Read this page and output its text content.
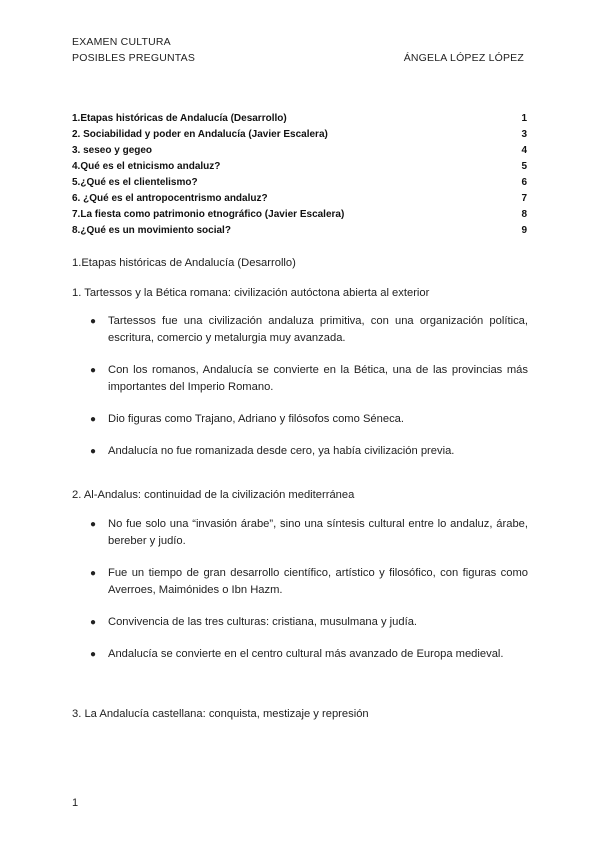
EXAMEN CULTURA
POSIBLES PREGUNTAS	ÁNGELA LÓPEZ LÓPEZ
1.Etapas históricas de Andalucía (Desarrollo)	1
2. Sociabilidad y poder en Andalucía (Javier Escalera)	3
3. seseo y gegeo	4
4.Qué es el etnicismo andaluz?	5
5.¿Qué es el clientelismo?	6
6. ¿Qué es el antropocentrismo andaluz?	7
7.La fiesta como patrimonio etnográfico (Javier Escalera)	8
8.¿Qué es un movimiento social?	9
1.Etapas históricas de Andalucía (Desarrollo)
1. Tartessos y la Bética romana: civilización autóctona abierta al exterior
● Tartessos fue una civilización andaluza primitiva, con una organización política, escritura, comercio y metalurgia muy avanzada.
● Con los romanos, Andalucía se convierte en la Bética, una de las provincias más importantes del Imperio Romano.
● Dio figuras como Trajano, Adriano y filósofos como Séneca.
● Andalucía no fue romanizada desde cero, ya había civilización previa.
2. Al-Andalus: continuidad de la civilización mediterránea
● No fue solo una “invasión árabe”, sino una síntesis cultural entre lo andaluz, árabe, bereber y judío.
● Fue un tiempo de gran desarrollo científico, artístico y filosófico, con figuras como Averroes, Maimónides o Ibn Hazm.
● Convivencia de las tres culturas: cristiana, musulmana y judía.
● Andalucía se convierte en el centro cultural más avanzado de Europa medieval.
3. La Andalucía castellana: conquista, mestizaje y represión
1
